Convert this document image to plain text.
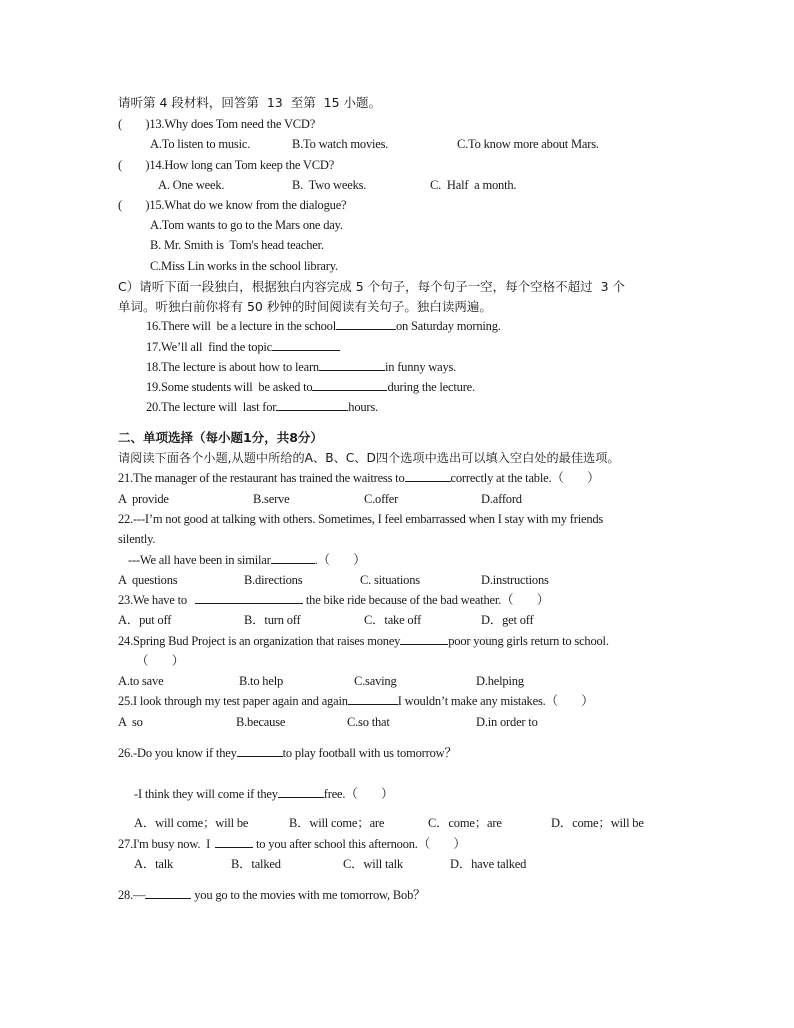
请听第 4 段材料，回答第  13  至第  15 小题。
(        )13.Why does Tom need the VCD?
A.To listen to music.	B.To watch movies.	C.To know more about Mars.
(        )14.How long can Tom keep the VCD?
A. One week.	B.  Two weeks.	C.  Half  a month.
(        )15.What do we know from the dialogue?
A.Tom wants to go to the Mars one day.
B. Mr. Smith is  Tom's head teacher.
C.Miss Lin works in the school library.
C）请听下面一段独白，根据独白内容完成 5 个句子，每个句子一空，每个空格不超过  3 个
单词。听独白前你将有 50 秒钟的时间阅读有关句子。独白读两遍。
16.There will  be a lecture in the school	on Saturday morning.
17.We’ll all  find the topic
18.The lecture is about how to learn	in funny ways.
19.Some students will  be asked to	during the lecture.
20.The lecture will  last for	hours.
二、单项选择（每小题1分，共8分）
请阅读下面各个小题,从题中所给的A、B、C、D四个选项中选出可以填入空白处的最佳选项。
21.The manager of the restaurant has trained the waitress to	correctly at the table.（        ）
A  provide	B.serve	C.offer	D.afford
22.---I’m not good at talking with others. Sometimes, I feel embarrassed when I stay with my friends
silently.
---We all have been in similar	.（        ）
A  questions	B.directions	C. situations	D.instructions
23.We have to	the bike ride because of the bad weather.（        ）
A．put off	B．turn off	C．take off	D．get off
24.Spring Bud Project is an organization that raises money	poor young girls return to school.
（        ）
A.to save	B.to help	C.saving	D.helping
25.I look through my test paper again and again	I wouldn’t make any mistakes.（        ）
A  so	B.because	C.so that	D.in order to
26.-Do you know if they	to play football with us tomorrow？
-I think they will come if they	free.（        ）
A．will come；will be	B．will come；are	C．come；are	D．come；will be
27.I'm busy now.  I	to you after school this afternoon.（        ）
A．talk	B．talked	C．will talk	D．have talked
28.—	you go to the movies with me tomorrow, Bob？
